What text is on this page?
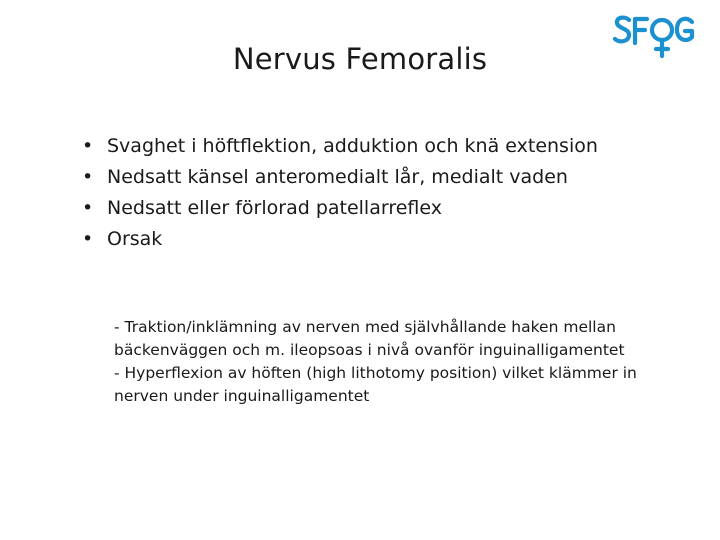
Nervus Femoralis
• Svaghet i höftflektion, adduktion och knä extension
• Nedsatt känsel anteromedialt lår, medialt vaden
• Nedsatt eller förlorad patellarreflex
• Orsak
- Traktion/inklämning av nerven med självhållande haken mellan bäckenväggen och m. ileopsoas i nivå ovanför inguinalligamentet
- Hyperflexion av höften (high lithotomy position) vilket klämmer in nerven under inguinalligamentet
